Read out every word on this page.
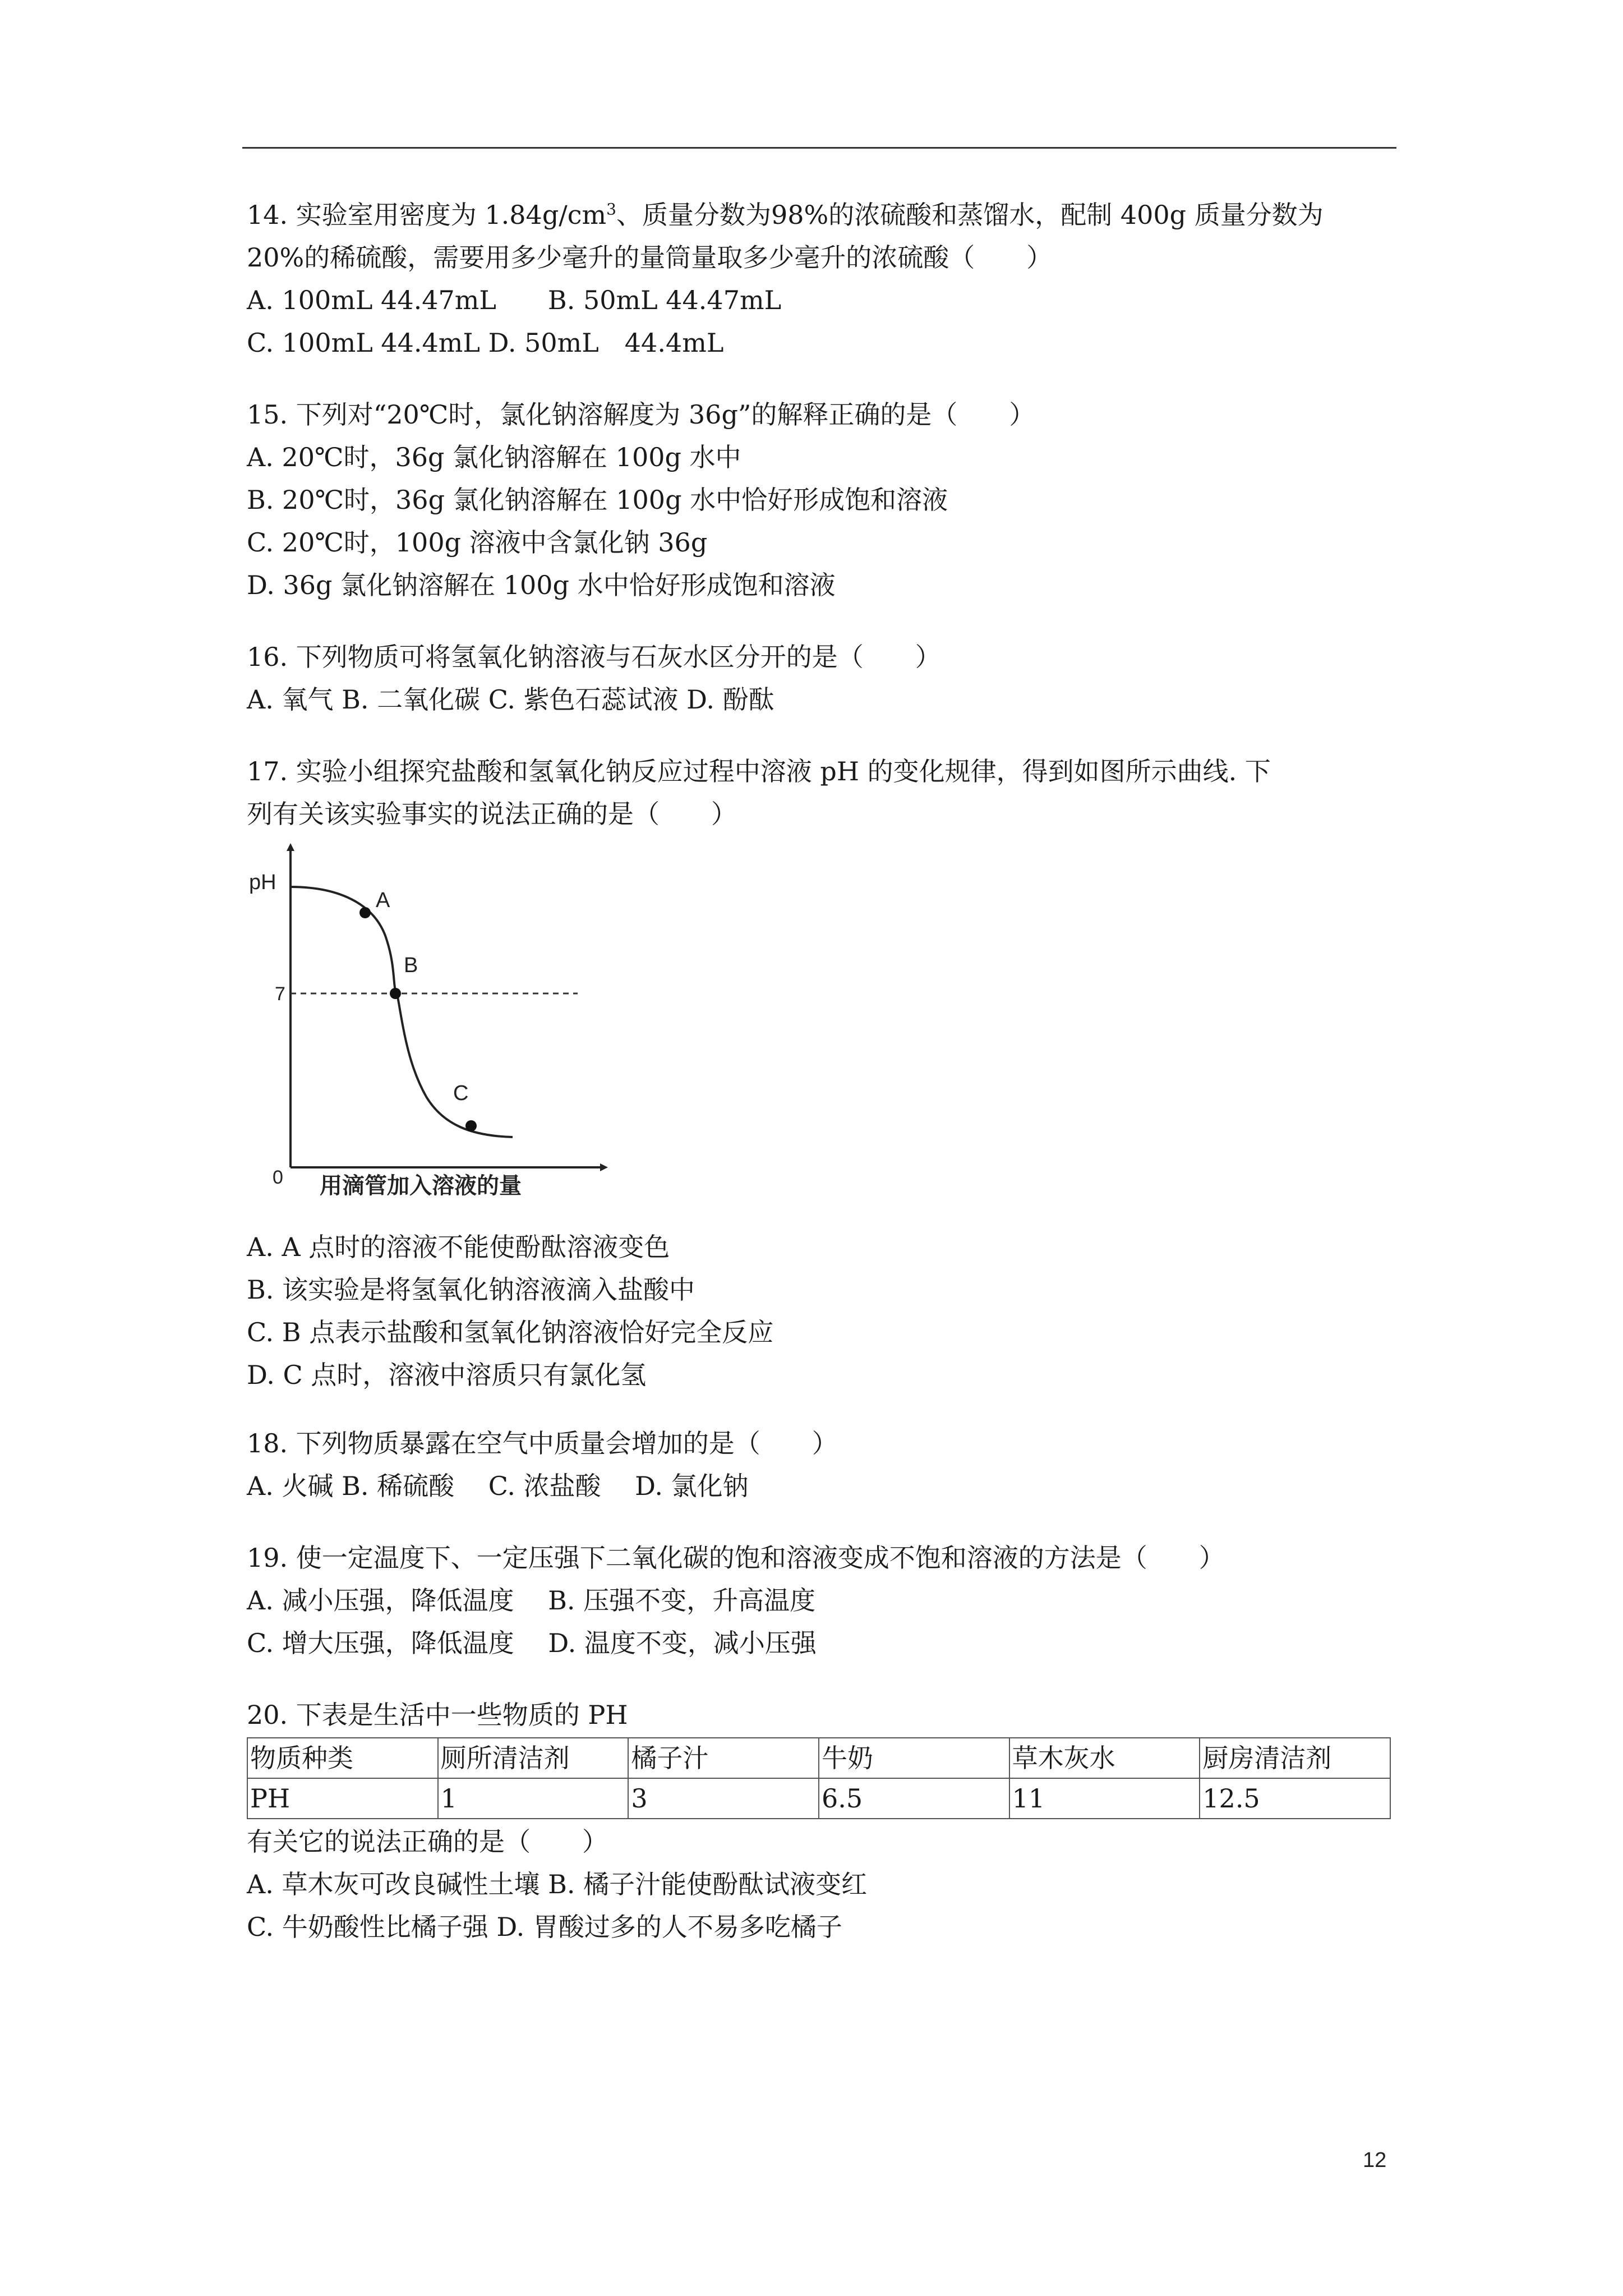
14. 实验室用密度为 $1.84g/cm^3$、质量分数为98%的浓硫酸和蒸馏水，配制 400g 质量分数为

20%的稀硫酸，需要用多少毫升的量筒量取多少毫升的浓硫酸（　　）

A. 100mL 44.47mL　　B. 50mL 44.47mL

C. 100mL 44.4mL D. 50mL　44.4mL

15. 下列对“20℃时，氯化钠溶解度为 36g”的解释正确的是（　　）

A. 20℃时，36g 氯化钠溶解在 100g 水中

B. 20℃时，36g 氯化钠溶解在 100g 水中恰好形成饱和溶液

C. 20℃时，100g 溶液中含氯化钠 36g

D. 36g 氯化钠溶解在 100g 水中恰好形成饱和溶液

16. 下列物质可将氢氧化钠溶液与石灰水区分开的是（　　）

A. 氧气 B. 二氧化碳 C. 紫色石蕊试液 D. 酚酞

17. 实验小组探究盐酸和氢氧化钠反应过程中溶液 pH 的变化规律，得到如图所示曲线. 下

列有关该实验事实的说法正确的是（　　）

pH
0
7
A
B
C
用滴管加入溶液的量

A. A 点时的溶液不能使酚酞溶液变色

B. 该实验是将氢氧化钠溶液滴入盐酸中

C. B 点表示盐酸和氢氧化钠溶液恰好完全反应

D. C 点时，溶液中溶质只有氯化氢

18. 下列物质暴露在空气中质量会增加的是（　　）

A. 火碱 B. 稀硫酸　 C. 浓盐酸　 D. 氯化钠

19. 使一定温度下、一定压强下二氧化碳的饱和溶液变成不饱和溶液的方法是（　　）

A. 减小压强，降低温度　 B. 压强不变，升高温度

C. 增大压强，降低温度　 D. 温度不变，减小压强

20. 下表是生活中一些物质的 PH

物质种类	厕所清洁剂	橘子汁	牛奶	草木灰水	厨房清洁剂
PH	1	3	6.5	11	12.5

有关它的说法正确的是（　　）

A. 草木灰可改良碱性土壤 B. 橘子汁能使酚酞试液变红

C. 牛奶酸性比橘子强 D. 胃酸过多的人不易多吃橘子

12
